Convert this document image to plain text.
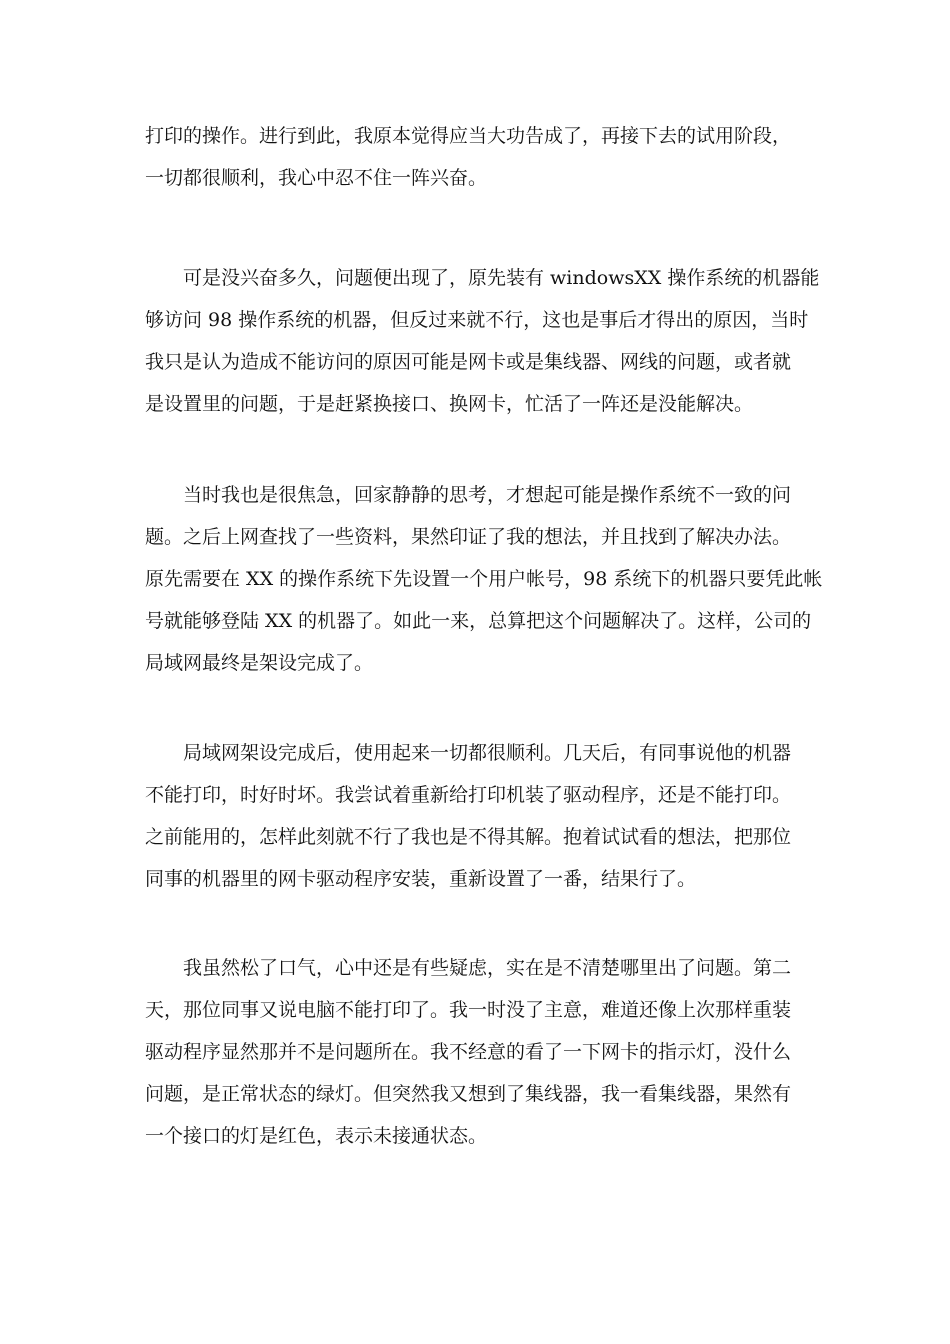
打印的操作。进行到此，我原本觉得应当大功告成了，再接下去的试用阶段，
一切都很顺利，我心中忍不住一阵兴奋。

　　可是没兴奋多久，问题便出现了，原先装有 windowsXX 操作系统的机器能
够访问 98 操作系统的机器，但反过来就不行，这也是事后才得出的原因，当时
我只是认为造成不能访问的原因可能是网卡或是集线器、网线的问题，或者就
是设置里的问题，于是赶紧换接口、换网卡，忙活了一阵还是没能解决。

　　当时我也是很焦急，回家静静的思考，才想起可能是操作系统不一致的问
题。之后上网查找了一些资料，果然印证了我的想法，并且找到了解决办法。
原先需要在 XX 的操作系统下先设置一个用户帐号，98 系统下的机器只要凭此帐
号就能够登陆 XX 的机器了。如此一来，总算把这个问题解决了。这样，公司的
局域网最终是架设完成了。

　　局域网架设完成后，使用起来一切都很顺利。几天后，有同事说他的机器
不能打印，时好时坏。我尝试着重新给打印机装了驱动程序，还是不能打印。
之前能用的，怎样此刻就不行了我也是不得其解。抱着试试看的想法，把那位
同事的机器里的网卡驱动程序安装，重新设置了一番，结果行了。

　　我虽然松了口气，心中还是有些疑虑，实在是不清楚哪里出了问题。第二
天，那位同事又说电脑不能打印了。我一时没了主意，难道还像上次那样重装
驱动程序显然那并不是问题所在。我不经意的看了一下网卡的指示灯，没什么
问题，是正常状态的绿灯。但突然我又想到了集线器，我一看集线器，果然有
一个接口的灯是红色，表示未接通状态。
